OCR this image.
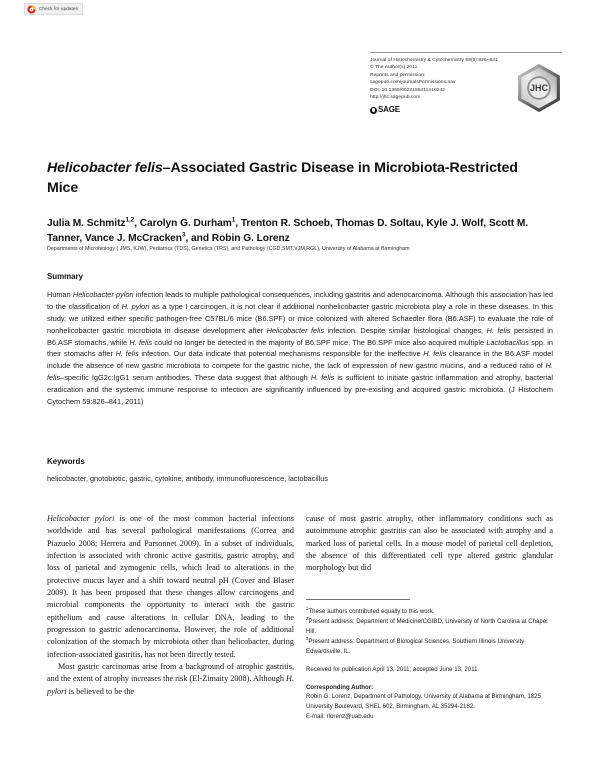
Check for updates
Journal of Histochemistry & Cytochemistry 59(9) 826–841
© The Author(s) 2011
Reprints and permission:
sagepub.com/journalsPermissions.nav
DOI: 10.1369/0022155411416242
http://jhc.sagepub.com
SAGE
JHC
Helicobacter felis–Associated Gastric Disease in Microbiota-Restricted Mice
Julia M. Schmitz$^{1,2}$, Carolyn G. Durham$^1$, Trenton R. Schoeb, Thomas D. Soltau, Kyle J. Wolf, Scott M. Tanner, Vance J. McCracken$^3$, and Robin G. Lorenz
Departments of Microbiology ( JMS, KJW), Pediatrics (TDS), Genetics (TRS), and Pathology (CGD,SMT,VJM,RGL), University of Alabama at Birmingham
Summary
Human Helicobacter pylori infection leads to multiple pathological consequences, including gastritis and adenocarcinoma. Although this association has led to the classification of H. pylori as a type I carcinogen, it is not clear if additional nonhelicobacter gastric microbiota play a role in these diseases. In this study, we utilized either specific pathogen-free C57BL/6 mice (B6.SPF) or mice colonized with altered Schaedler flora (B6.ASF) to evaluate the role of nonhelicobacter gastric microbiota in disease development after Helicobacter felis infection. Despite similar histological changes, H. felis persisted in B6.ASF stomachs, while H. felis could no longer be detected in the majority of B6.SPF mice. The B6.SPF mice also acquired multiple Lactobacillus spp. in their stomachs after H. felis infection. Our data indicate that potential mechanisms responsible for the ineffective H. felis clearance in the B6.ASF model include the absence of new gastric microbiota to compete for the gastric niche, the lack of expression of new gastric mucins, and a reduced ratio of H. felis–specific IgG2c:IgG1 serum antibodies. These data suggest that although H. felis is sufficient to initiate gastric inflammation and atrophy, bacterial eradication and the systemic immune response to infection are significantly influenced by pre-existing and acquired gastric microbiota. (J Histochem Cytochem 59:826–841, 2011)
Keywords
helicobacter, gnotobiotic, gastric, cytokine, antibody, immunofluorescence, lactobacillus

Helicobacter pylori is one of the most common bacterial infections worldwide and has several pathological manifestations (Correa and Piazuelo 2008; Herrera and Parsonnet 2009). In a subset of individuals, infection is associated with chronic active gastritis, gastric atrophy, and loss of parietal and zymogenic cells, which lead to alterations in the protective mucus layer and a shift toward neutral pH (Cover and Blaser 2009). It has been proposed that these changes allow carcinogens and microbial components the opportunity to interact with the gastric epithelium and cause alterations in cellular DNA, leading to the progression to gastric adenocarcinoma. However, the role of additional colonization of the stomach by microbiota other than helicobacter, during infection-associated gastritis, has not been directly tested.

Most gastric carcinomas arise from a background of atrophic gastritis, and the extent of atrophy increases the risk (El-Zimaity 2008). Although H. pylori is believed to be the

cause of most gastric atrophy, other inflammatory conditions such as autoimmune atrophic gastritis can also be associated with atrophy and a marked loss of parietal cells. In a mouse model of parietal cell depletion, the absence of this differentiated cell type altered gastric glandular morphology but did

$^1$These authors contributed equally to this work.

$^2$Present address: Department of Medicine/CGIBD, University of North Carolina at Chapel Hill.

$^3$Present address: Department of Biological Sciences, Southern Illinois University Edwardsville, IL.

Received for publication April 13, 2011; accepted June 13, 2011.

Corresponding Author:

Robin G. Lorenz, Department of Pathology, University of Alabama at Birmingham, 1825 University Boulevard, SHEL 602, Birmingham, AL 35294-2182.

E-mail: rlorenz@uab.edu
